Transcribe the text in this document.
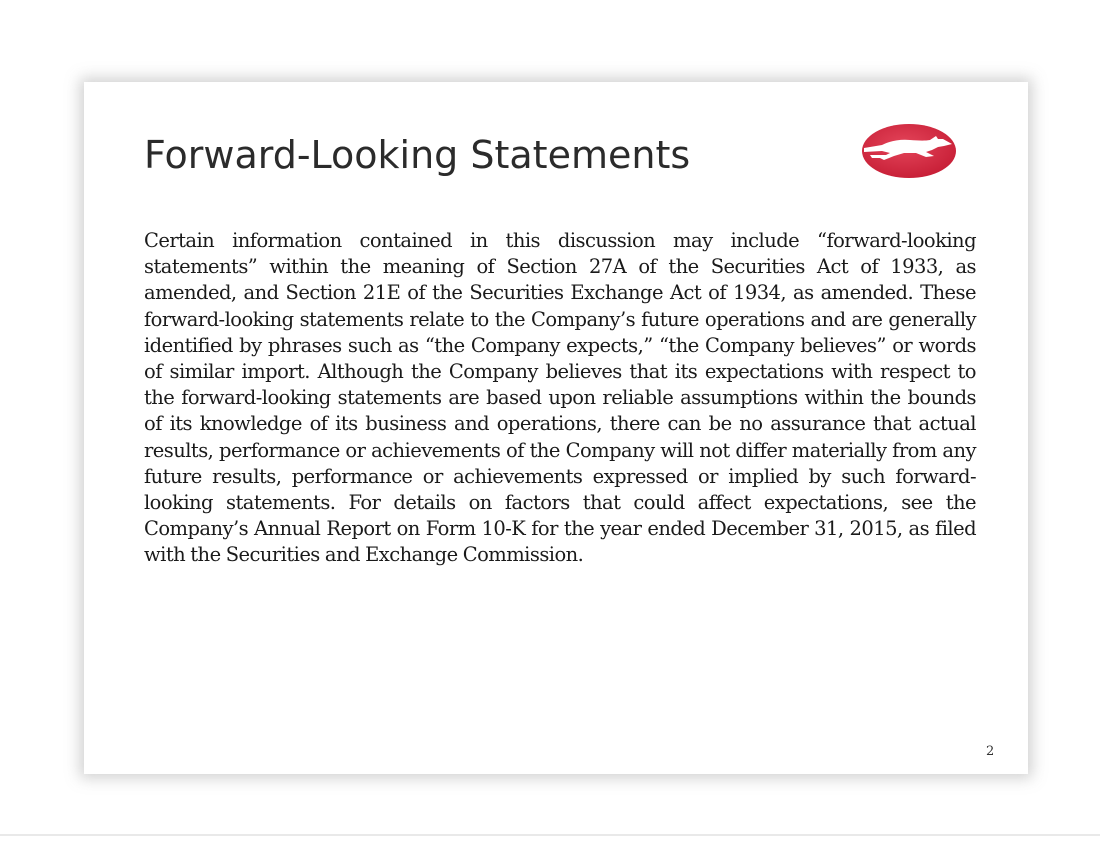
Forward-Looking Statements

Certain information contained in this discussion may include “forward-looking statements” within the meaning of Section 27A of the Securities Act of 1933, as amended, and Section 21E of the Securities Exchange Act of 1934, as amended. These forward-looking statements relate to the Company’s future operations and are generally identified by phrases such as “the Company expects,” “the Company believes” or words of similar import. Although the Company believes that its expectations with respect to the forward-looking statements are based upon reliable assumptions within the bounds of its knowledge of its business and operations, there can be no assurance that actual results, performance or achievements of the Company will not differ materially from any future results, performance or achievements expressed or implied by such forward-looking statements. For details on factors that could affect expectations, see the Company’s Annual Report on Form 10-K for the year ended December 31, 2015, as filed with the Securities and Exchange Commission.

2
